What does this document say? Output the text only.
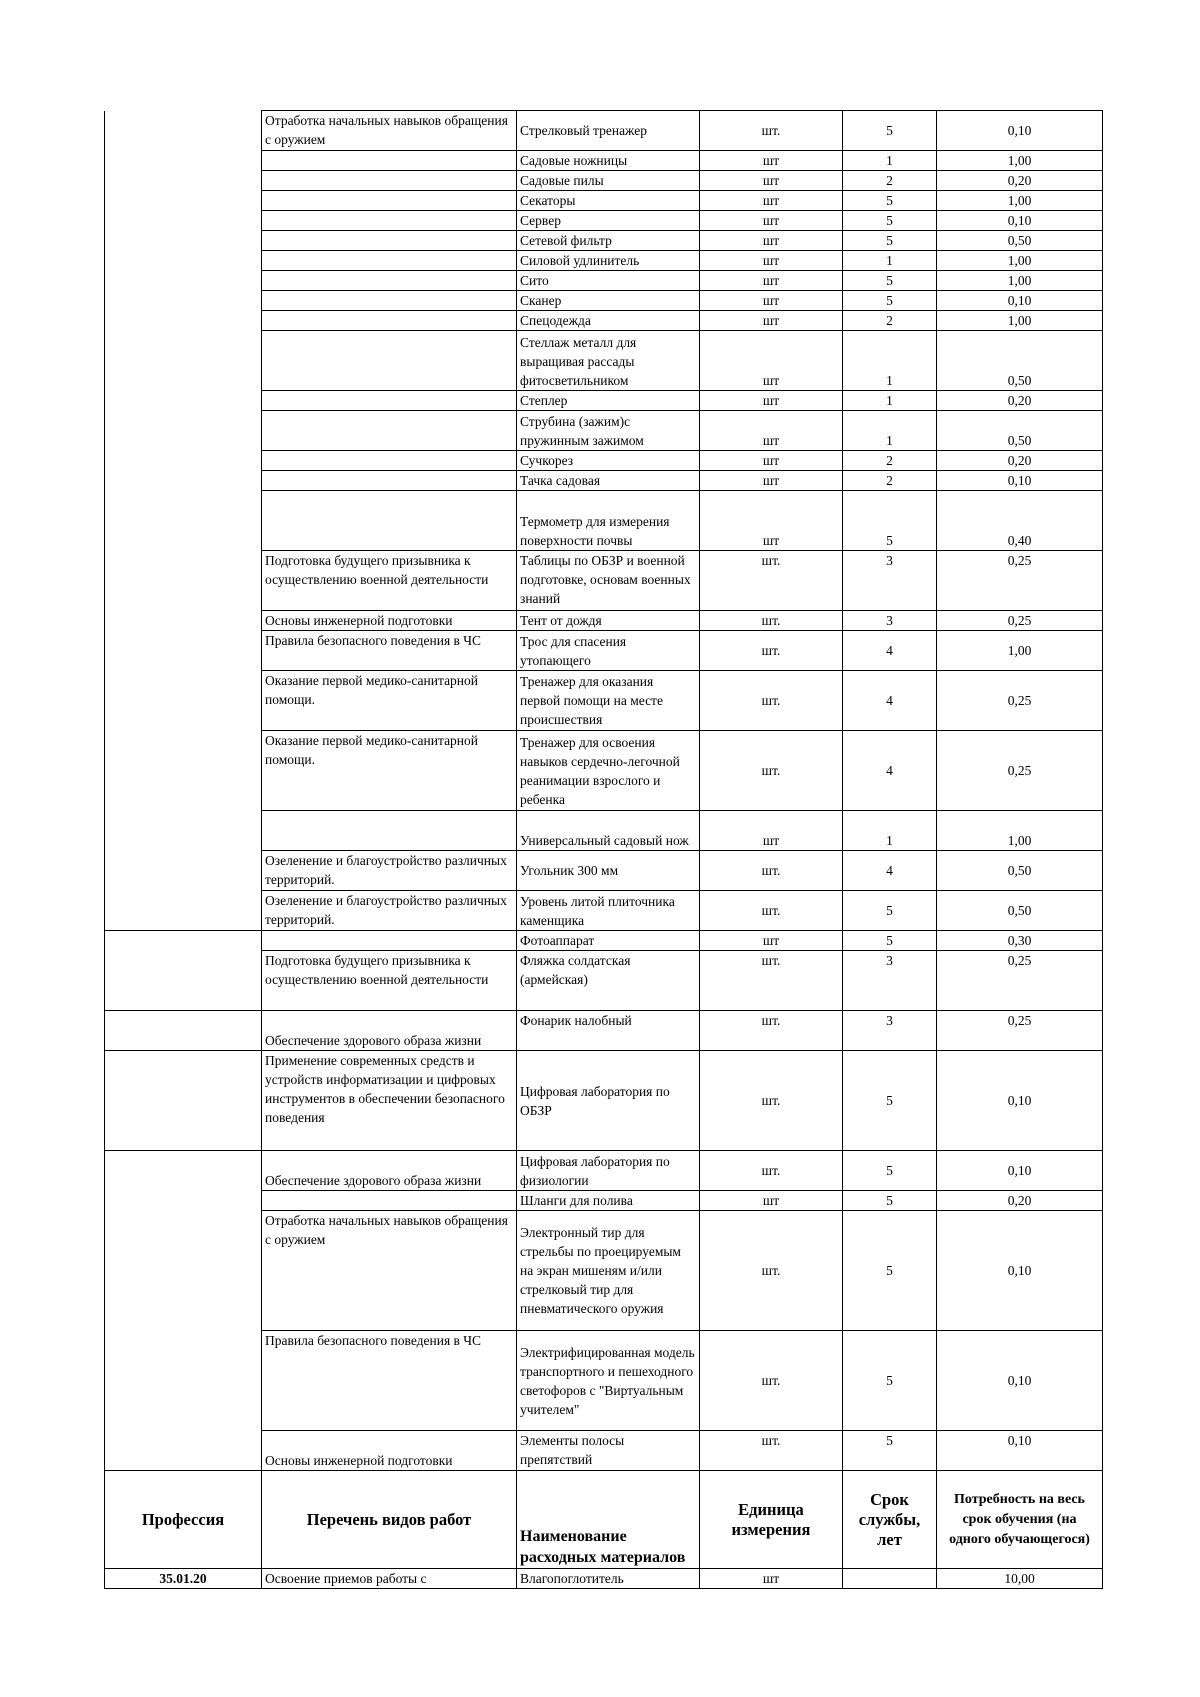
	Отработка начальных навыков обращения с оружием	Стрелковый тренажер	шт.	5	0,10
		Садовые ножницы	шт	1	1,00
		Садовые пилы	шт	2	0,20
		Секаторы	шт	5	1,00
		Сервер	шт	5	0,10
		Сетевой фильтр	шт	5	0,50
		Силовой удлинитель	шт	1	1,00
		Сито	шт	5	1,00
		Сканер	шт	5	0,10
		Спецодежда	шт	2	1,00
		Стеллаж металл для выращивая рассады фитосветильником	шт	1	0,50
		Степлер	шт	1	0,20
		Струбина (зажим)с пружинным зажимом	шт	1	0,50
		Сучкорез	шт	2	0,20
		Тачка садовая	шт	2	0,10
		Термометр для измерения поверхности почвы	шт	5	0,40
	Подготовка будущего призывника к осуществлению военной деятельности	Таблицы по ОБЗР и военной подготовке, основам военных знаний	шт.	3	0,25
	Основы инженерной подготовки	Тент от дождя	шт.	3	0,25
	Правила безопасного поведения в ЧС	Трос для спасения утопающего	шт.	4	1,00
	Оказание первой медико-санитарной помощи.	Тренажер для оказания первой помощи на месте происшествия	шт.	4	0,25
	Оказание первой медико-санитарной помощи.	Тренажер для освоения навыков сердечно-легочной реанимации взрослого и ребенка	шт.	4	0,25
		Универсальный садовый нож	шт	1	1,00
	Озеленение и благоустройство различных территорий.	Угольник 300 мм	шт.	4	0,50
	Озеленение и благоустройство различных территорий.	Уровень литой плиточника каменщика	шт.	5	0,50
		Фотоаппарат	шт	5	0,30
	Подготовка будущего призывника к осуществлению военной деятельности	Фляжка солдатская (армейская)	шт.	3	0,25
	Обеспечение здорового образа жизни	Фонарик налобный	шт.	3	0,25
	Применение современных средств и устройств информатизации и цифровых инструментов в обеспечении безопасного поведения	Цифровая лаборатория по ОБЗР	шт.	5	0,10
	Обеспечение здорового образа жизни	Цифровая лаборатория по физиологии	шт.	5	0,10
		Шланги для полива	шт	5	0,20
	Отработка начальных навыков обращения с оружием	Электронный тир для стрельбы по проецируемым на экран мишеням и/или стрелковый тир для пневматического оружия	шт.	5	0,10
	Правила безопасного поведения в ЧС	Электрифицированная модель транспортного и пешеходного светофоров с "Виртуальным учителем"	шт.	5	0,10
	Основы инженерной подготовки	Элементы полосы препятствий	шт.	5	0,10
Профессия	Перечень видов работ	Наименование расходных материалов	Единица измерения	Срок службы, лет	Потребность на весь срок обучения (на одного обучающегося)
35.01.20	Освоение приемов работы с	Влагопоглотитель	шт		10,00
